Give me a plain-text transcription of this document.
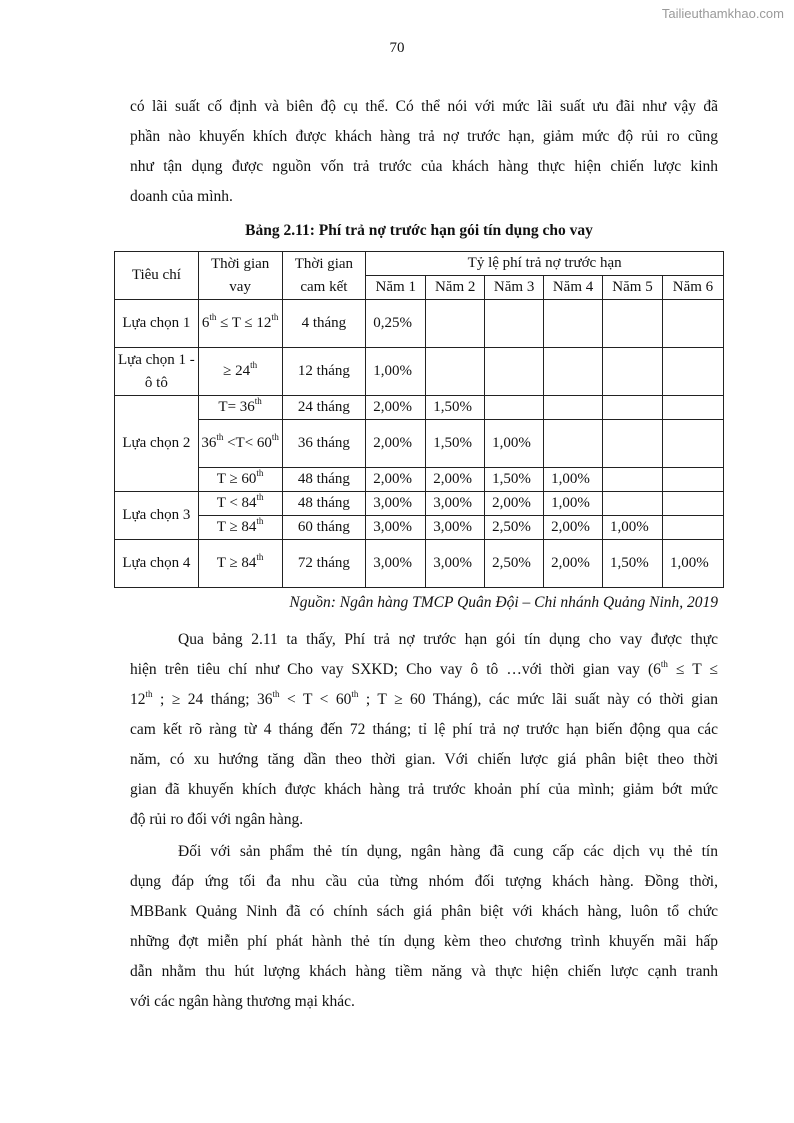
Tailieuthamkhao.com
70
có lãi suất cố định và biên độ cụ thể. Có thể nói với mức lãi suất ưu đãi như vậy đã
phần nào khuyến khích được khách hàng trả nợ trước hạn, giảm mức độ rủi ro cũng
như tận dụng được nguồn vốn trả trước của khách hàng thực hiện chiến lược kinh
doanh của mình.
Bảng 2.11: Phí trả nợ trước hạn gói tín dụng cho vay
Tiêu chí	Thời gian vay	Thời gian cam kết	Tỷ lệ phí trả nợ trước hạn					
			Năm 1	Năm 2	Năm 3	Năm 4	Năm 5	Năm 6
Lựa chọn 1	6th ≤ T ≤ 12th	4 tháng	0,25%					
Lựa chọn 1 - ô tô	≥ 24th	12 tháng	1,00%					
Lựa chọn 2	T= 36th	24 tháng	2,00%	1,50%				
	36th <T< 60th	36 tháng	2,00%	1,50%	1,00%			
	T ≥ 60th	48 tháng	2,00%	2,00%	1,50%	1,00%		
Lựa chọn 3	T < 84th	48 tháng	3,00%	3,00%	2,00%	1,00%		
	T ≥ 84th	60 tháng	3,00%	3,00%	2,50%	2,00%	1,00%	
Lựa chọn 4	T ≥ 84th	72 tháng	3,00%	3,00%	2,50%	2,00%	1,50%	1,00%
Nguồn: Ngân hàng TMCP Quân Đội – Chi nhánh Quảng Ninh, 2019
Qua bảng 2.11 ta thấy, Phí trả nợ trước hạn gói tín dụng cho vay được thực
hiện trên tiêu chí như Cho vay SXKD; Cho vay ô tô …với thời gian vay (6th ≤ T ≤
12th ; ≥ 24 tháng; 36th < T < 60th ; T ≥ 60 Tháng), các mức lãi suất này có thời gian
cam kết rõ ràng từ 4 tháng đến 72 tháng; tỉ lệ phí trả nợ trước hạn biến động qua các
năm, có xu hướng tăng dần theo thời gian. Với chiến lược giá phân biệt theo thời
gian đã khuyến khích được khách hàng trả trước khoản phí của mình; giảm bớt mức
độ rủi ro đối với ngân hàng.
Đối với sản phẩm thẻ tín dụng, ngân hàng đã cung cấp các dịch vụ thẻ tín
dụng đáp ứng tối đa nhu cầu của từng nhóm đối tượng khách hàng. Đồng thời,
MBBank Quảng Ninh đã có chính sách giá phân biệt với khách hàng, luôn tổ chức
những đợt miễn phí phát hành thẻ tín dụng kèm theo chương trình khuyến mãi hấp
dẫn nhằm thu hút lượng khách hàng tiềm năng và thực hiện chiến lược cạnh tranh
với các ngân hàng thương mại khác.
